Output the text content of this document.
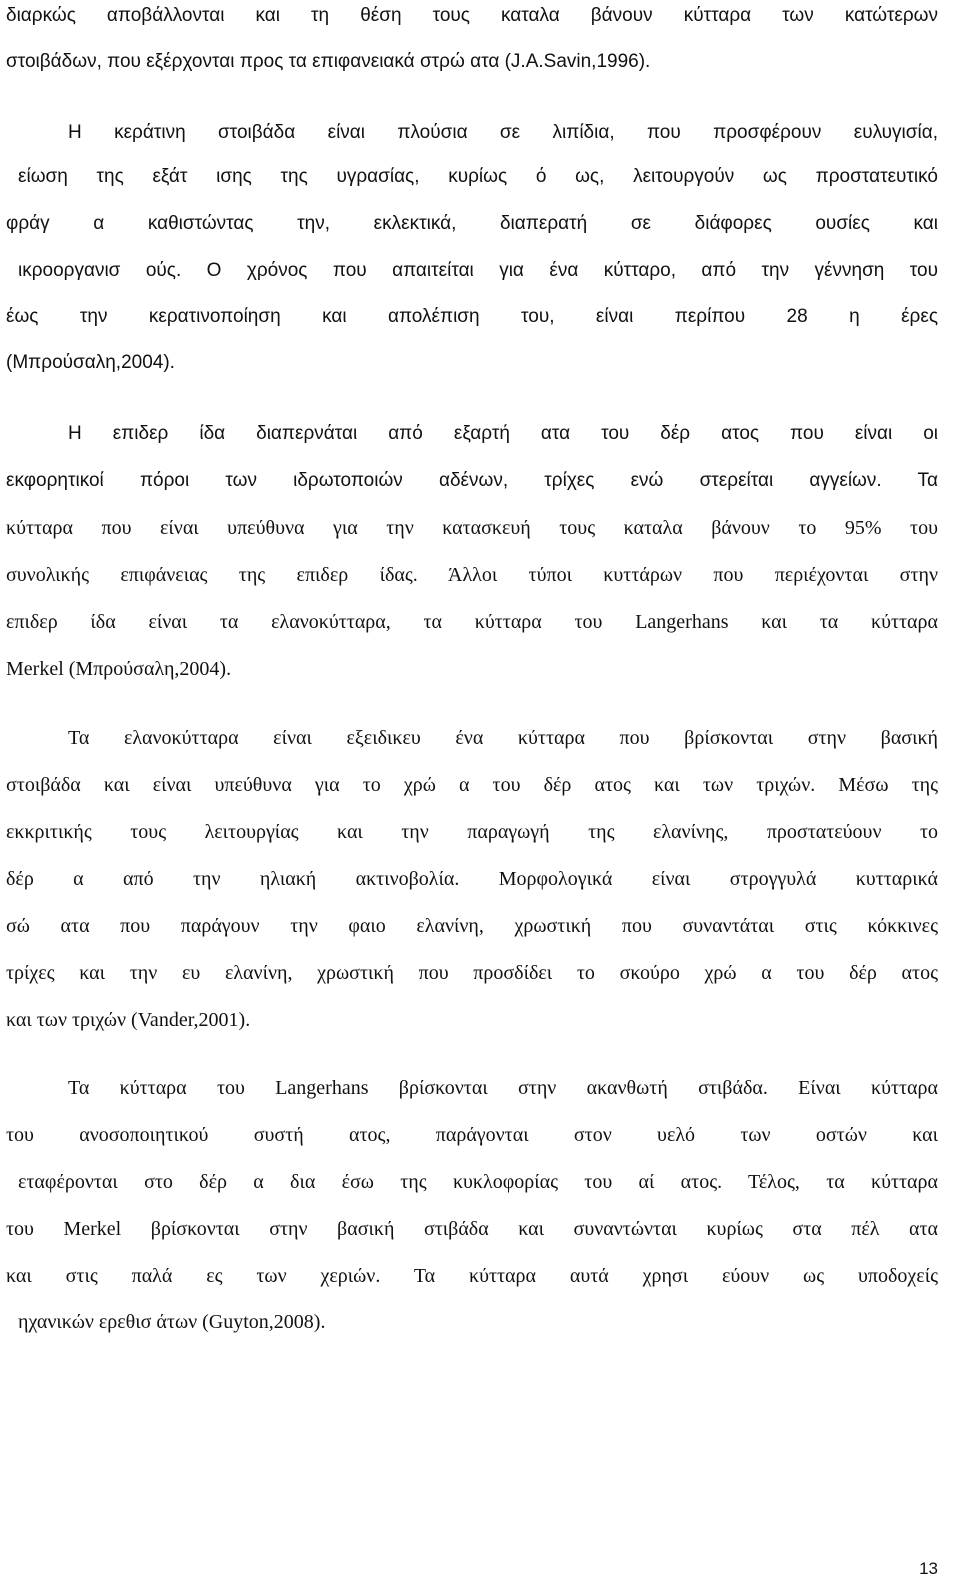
διαρκώς αποβάλλονται και τη θέση τους καταλα βάνουν κύτταρα των κατώτερων

στοιβάδων, που εξέρχονται προς τα επιφανειακά στρώ ατα (J.A.Savin,1996).

Η κεράτινη στοιβάδα είναι πλούσια σε λιπίδια, που προσφέρουν ευλυγισία,

είωση της εξάτ ισης της υγρασίας, κυρίως ό ως, λειτουργούν ως προστατευτικό

φράγ α καθιστώντας την, εκλεκτικά, διαπερατή σε διάφορες ουσίες και

ικροοργανισ ούς. Ο χρόνος που απαιτείται για ένα κύτταρο, από την γέννηση του

έως την κερατινοποίηση και απολέπιση του, είναι περίπου 28 η έρες

(Μπρούσαλη,2004).

Η επιδερ ίδα διαπερνάται από εξαρτή ατα του δέρ ατος που είναι οι

εκφορητικοί πόροι των ιδρωτοποιών αδένων, τρίχες ενώ στερείται αγγείων. Τα

κύτταρα που είναι υπεύθυνα για την κατασκευή τους καταλα βάνουν το 95% του

συνολικής επιφάνειας της επιδερ ίδας. Άλλοι τύποι κυττάρων που περιέχονται στην

επιδερ ίδα είναι τα ελανοκύτταρα, τα κύτταρα του Langerhans και τα κύτταρα

Merkel (Μπρούσαλη,2004).

Τα ελανοκύτταρα είναι εξειδικευ ένα κύτταρα που βρίσκονται στην βασική

στοιβάδα και είναι υπεύθυνα για το χρώ α του δέρ ατος και των τριχών. Μέσω της

εκκριτικής τους λειτουργίας και την παραγωγή της ελανίνης, προστατεύουν το

δέρ α από την ηλιακή ακτινοβολία. Μορφολογικά είναι στρογγυλά κυτταρικά

σώ ατα που παράγουν την φαιο ελανίνη, χρωστική που συναντάται στις κόκκινες

τρίχες και την ευ ελανίνη, χρωστική που προσδίδει το σκούρο χρώ α του δέρ ατος

και των τριχών (Vander,2001).

Τα κύτταρα του Langerhans βρίσκονται στην ακανθωτή στιβάδα. Είναι κύτταρα

του ανοσοποιητικού συστή ατος, παράγονται στον υελό των οστών και

εταφέρονται στο δέρ α δια έσω της κυκλοφορίας του αί ατος. Τέλος, τα κύτταρα

του Merkel βρίσκονται στην βασική στιβάδα και συναντώνται κυρίως στα πέλ ατα

και στις παλά ες των χεριών. Τα κύτταρα αυτά χρησι εύουν ως υποδοχείς

ηχανικών ερεθισ άτων (Guyton,2008).

13
